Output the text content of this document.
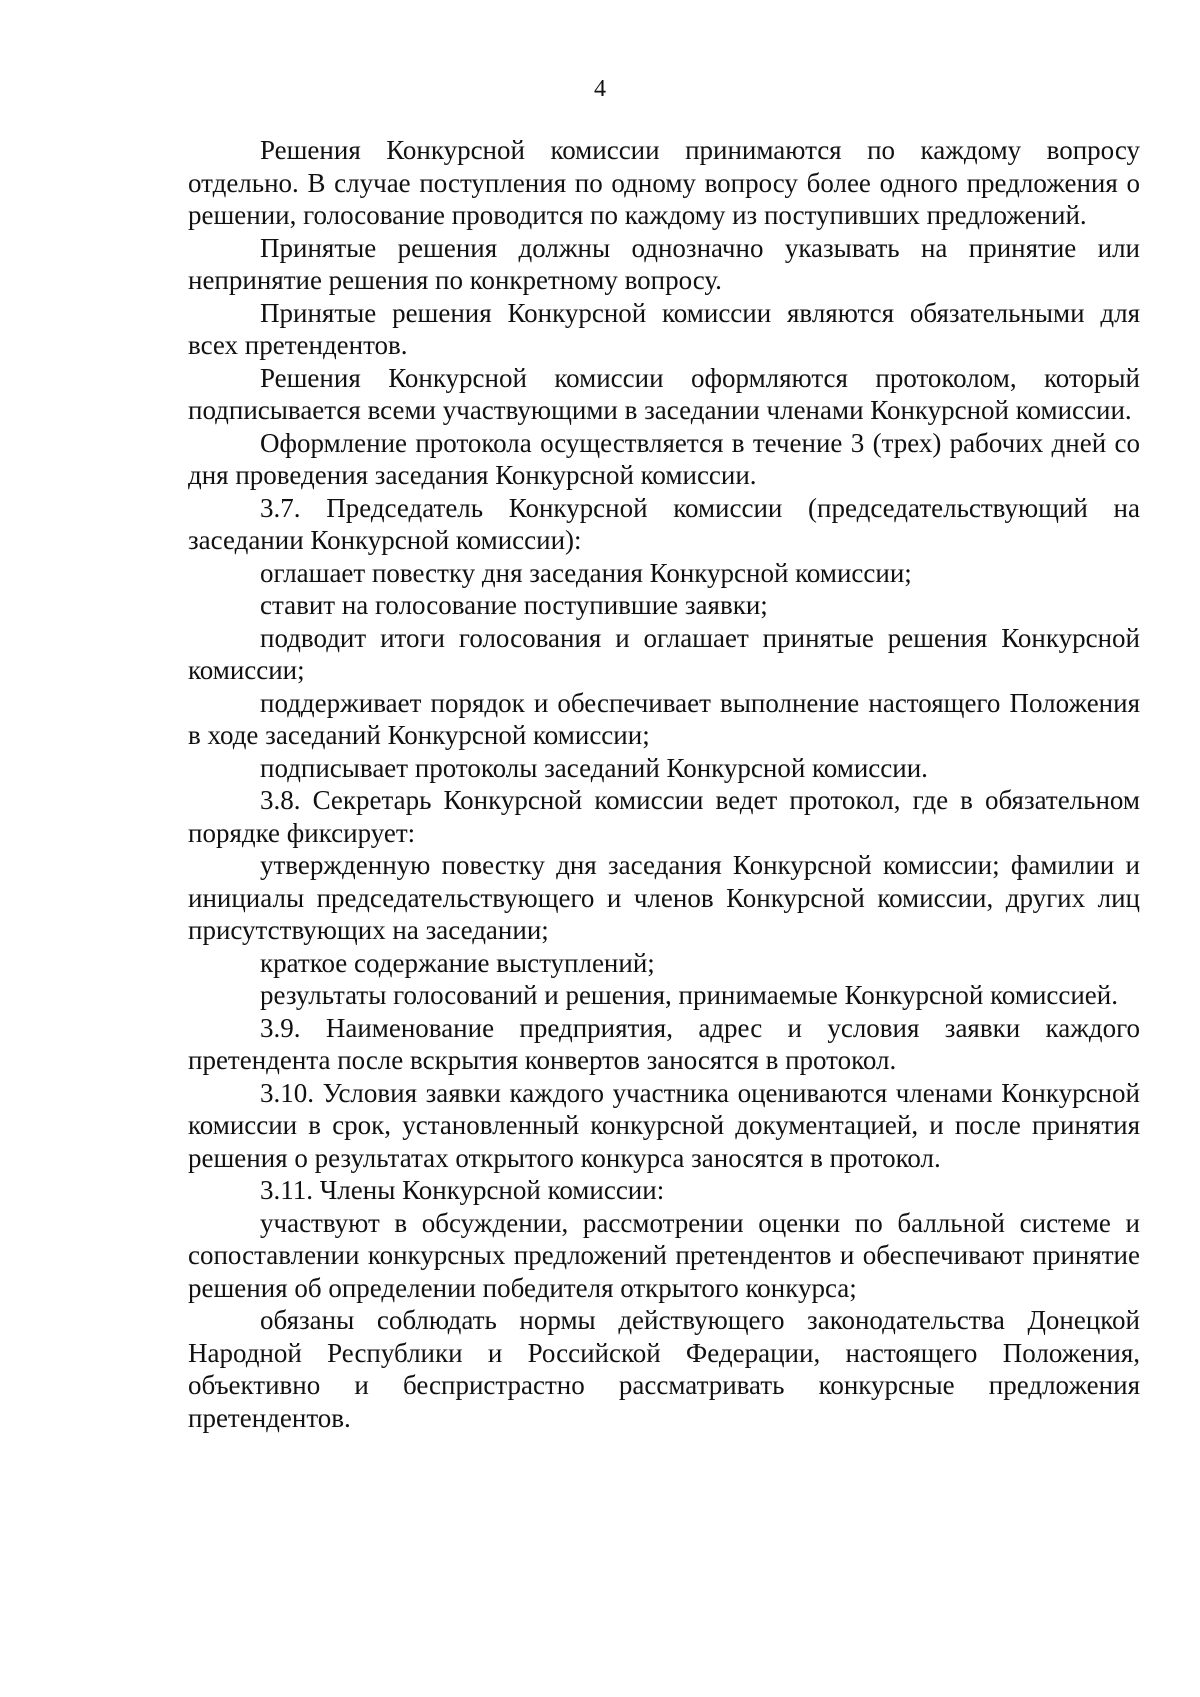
4

Решения Конкурсной комиссии принимаются по каждому вопросу отдельно. В случае поступления по одному вопросу более одного предложения о решении, голосование проводится по каждому из поступивших предложений.

Принятые решения должны однозначно указывать на принятие или непринятие решения по конкретному вопросу.

Принятые решения Конкурсной комиссии являются обязательными для всех претендентов.

Решения Конкурсной комиссии оформляются протоколом, который подписывается всеми участвующими в заседании членами Конкурсной комиссии.

Оформление протокола осуществляется в течение 3 (трех) рабочих дней со дня проведения заседания Конкурсной комиссии.

3.7. Председатель Конкурсной комиссии (председательствующий на заседании Конкурсной комиссии):

оглашает повестку дня заседания Конкурсной комиссии;

ставит на голосование поступившие заявки;

подводит итоги голосования и оглашает принятые решения Конкурсной комиссии;

поддерживает порядок и обеспечивает выполнение настоящего Положения в ходе заседаний Конкурсной комиссии;

подписывает протоколы заседаний Конкурсной комиссии.

3.8. Секретарь Конкурсной комиссии ведет протокол, где в обязательном порядке фиксирует:

утвержденную повестку дня заседания Конкурсной комиссии; фамилии и инициалы председательствующего и членов Конкурсной комиссии, других лиц присутствующих на заседании;

краткое содержание выступлений;

результаты голосований и решения, принимаемые Конкурсной комиссией.

3.9. Наименование предприятия, адрес и условия заявки каждого претендента после вскрытия конвертов заносятся в протокол.

3.10. Условия заявки каждого участника оцениваются членами Конкурсной комиссии в срок, установленный конкурсной документацией, и после принятия решения о результатах открытого конкурса заносятся в протокол.

3.11. Члены Конкурсной комиссии:

участвуют в обсуждении, рассмотрении оценки по балльной системе и сопоставлении конкурсных предложений претендентов и обеспечивают принятие решения об определении победителя открытого конкурса;

обязаны соблюдать нормы действующего законодательства Донецкой Народной Республики и Российской Федерации, настоящего Положения, объективно и беспристрастно рассматривать конкурсные предложения претендентов.
